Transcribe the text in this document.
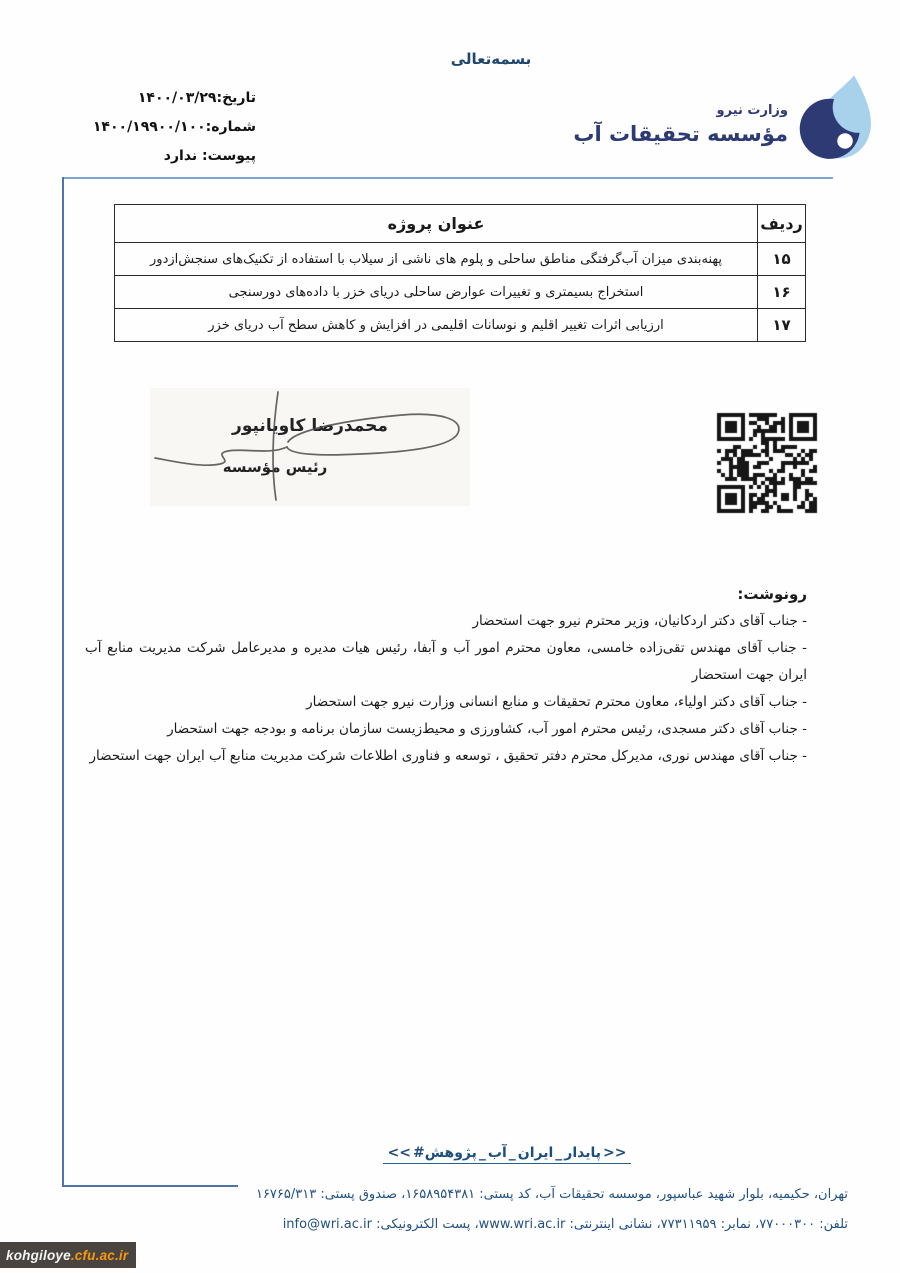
بسمه‌تعالی
تاریخ:۱۴۰۰/۰۳/۲۹
شماره:۱۴۰۰/۱۹۹۰۰/۱۰۰
پیوست: ندارد
وزارت نیرو
مؤسسه تحقیقات آب
ردیف	عنوان پروژه
۱۵	پهنه‌بندی میزان آب‌گرفتگی مناطق ساحلی و پلوم های ناشی از سیلاب با استفاده از تکنیک‌های سنجش‌ازدور
۱۶	استخراج بسیمتری و تغییرات عوارض ساحلی دریای خزر با داده‌های دورسنجی
۱۷	ارزیابی اثرات تغییر اقلیم و نوسانات اقلیمی در افزایش و کاهش سطح آب دریای خزر
محمدرضا کاویانپور
رئیس مؤسسه
رونوشت:
- جناب آقای دکتر اردکانیان، وزیر محترم نیرو جهت استحضار
- جناب آقای مهندس تقی‌زاده خامسی، معاون محترم امور آب و آبفا، رئیس هیات مدیره و مدیرعامل شرکت مدیریت منابع آب ایران جهت استحضار
- جناب آقای دکتر اولیاء، معاون محترم تحقیقات و منابع انسانی وزارت نیرو جهت استحضار
- جناب آقای دکتر مسجدی، رئیس محترم امور آب، کشاورزی و محیط‌زیست سازمان برنامه و بودجه جهت استحضار
- جناب آقای مهندس نوری، مدیرکل محترم دفتر تحقیق ، توسعه و فناوری اطلاعات شرکت مدیریت منابع آب ایران جهت استحضار
<< #پژوهش _ آب _ ایران _ پایدار >>
تهران، حکیمیه، بلوار شهید عباسپور، موسسه تحقیقات آب، کد پستی: ۱۶۵۸۹۵۴۳۸۱، صندوق پستی: ۱۶۷۶۵/۳۱۳
تلفن: ۷۷۰۰۰۳۰۰، نمابر: ۷۷۳۱۱۹۵۹، نشانی اینترنتی: www.wri.ac.ir، پست الکترونیکی: info@wri.ac.ir
kohgiloye .cfu.ac.ir
